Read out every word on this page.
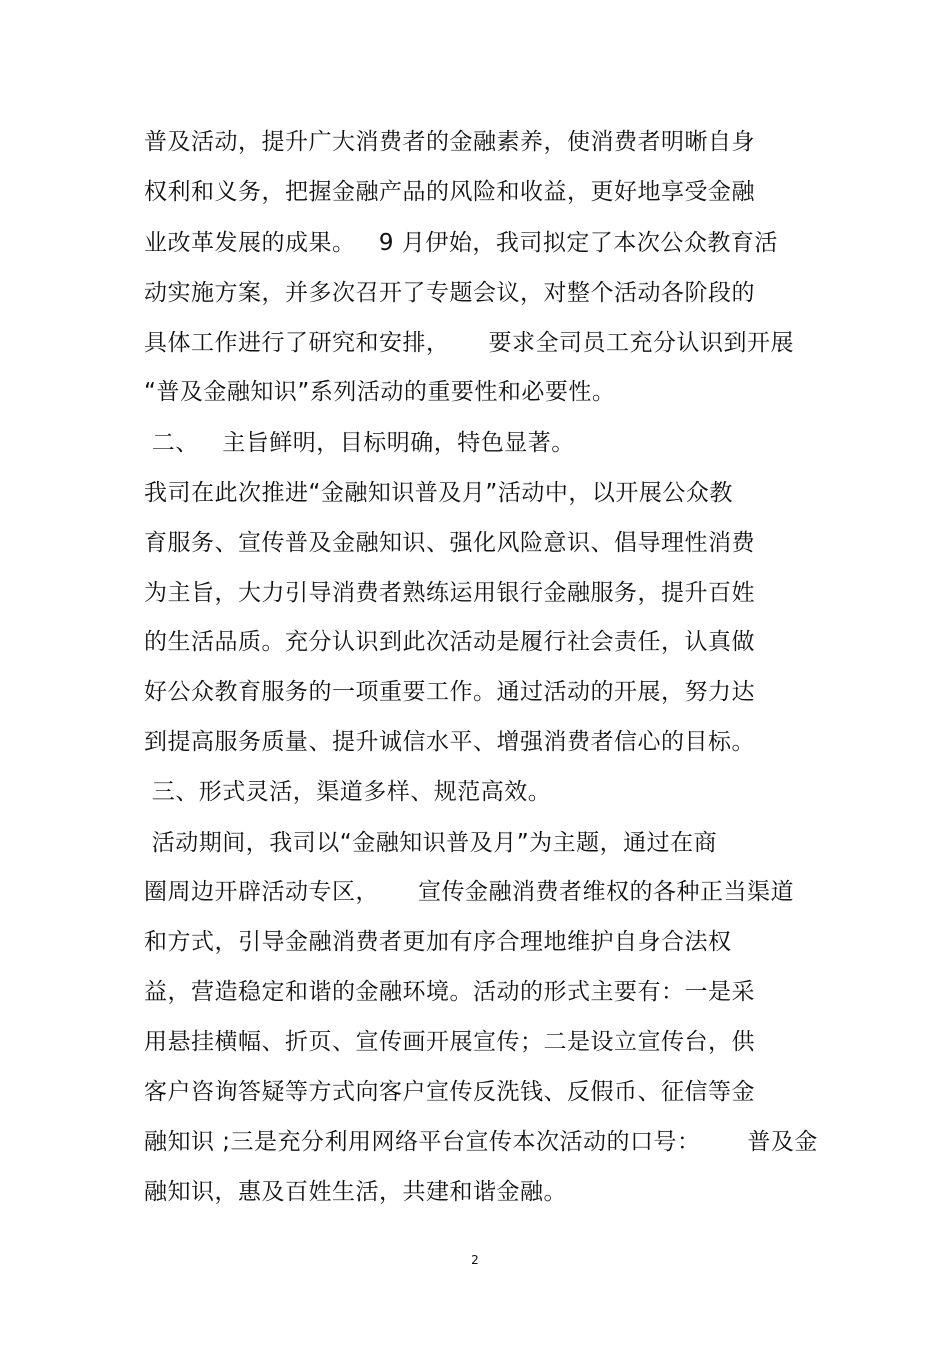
普及活动，提升广大消费者的金融素养，使消费者明晰自身
权利和义务，把握金融产品的风险和收益，更好地享受金融
业改革发展的成果。   9 月伊始，我司拟定了本次公众教育活
动实施方案，并多次召开了专题会议，对整个活动各阶段的
具体工作进行了研究和安排，     要求全司员工充分认识到开展
“普及金融知识”系列活动的重要性和必要性。
二、   主旨鲜明，目标明确，特色显著。
我司在此次推进“金融知识普及月”活动中，以开展公众教
育服务、宣传普及金融知识、强化风险意识、倡导理性消费
为主旨，大力引导消费者熟练运用银行金融服务，提升百姓
的生活品质。充分认识到此次活动是履行社会责任，认真做
好公众教育服务的一项重要工作。通过活动的开展，努力达
到提高服务质量、提升诚信水平、增强消费者信心的目标。
三、形式灵活，渠道多样、规范高效。
活动期间，我司以“金融知识普及月”为主题，通过在商
圈周边开辟活动专区，     宣传金融消费者维权的各种正当渠道
和方式，引导金融消费者更加有序合理地维护自身合法权
益，营造稳定和谐的金融环境。活动的形式主要有：一是采
用悬挂横幅、折页、宣传画开展宣传；二是设立宣传台，供
客户咨询答疑等方式向客户宣传反洗钱、反假币、征信等金
融知识 ;三是充分利用网络平台宣传本次活动的口号：      普及金
融知识，惠及百姓生活，共建和谐金融。
2
